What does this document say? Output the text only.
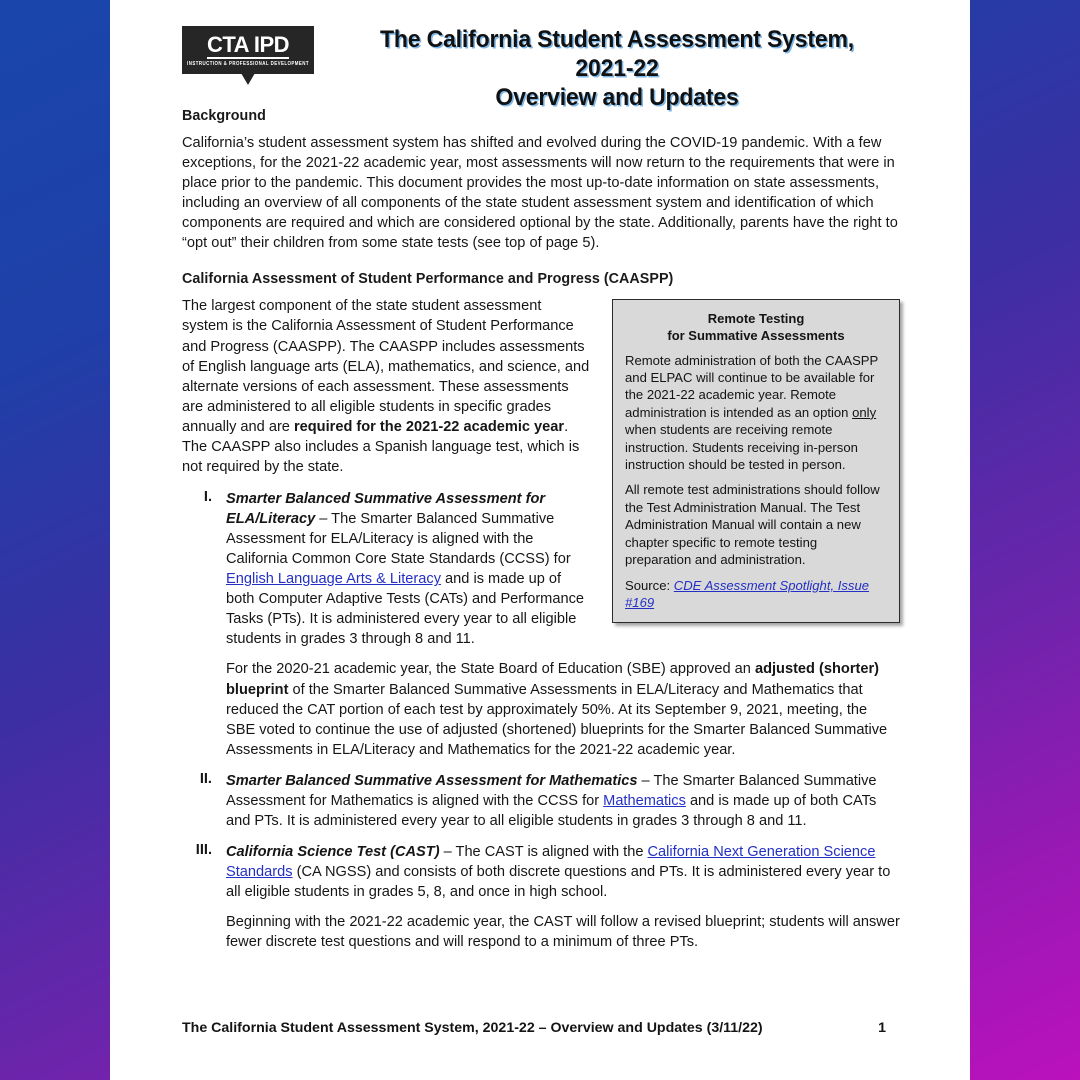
CTA IPD
INSTRUCTION & PROFESSIONAL DEVELOPMENT
The California Student Assessment System, 2021-22
Overview and Updates
Background

California’s student assessment system has shifted and evolved during the COVID-19 pandemic. With a few exceptions, for the 2021-22 academic year, most assessments will now return to the requirements that were in place prior to the pandemic. This document provides the most up-to-date information on state assessments, including an overview of all components of the state student assessment system and identification of which components are required and which are considered optional by the state. Additionally, parents have the right to “opt out” their children from some state tests (see top of page 5).

California Assessment of Student Performance and Progress (CAASPP)
Remote Testing
for Summative Assessments

Remote administration of both the CAASPP and ELPAC will continue to be available for the 2021-22 academic year. Remote administration is intended as an option only when students are receiving remote instruction. Students receiving in-person instruction should be tested in person.

All remote test administrations should follow the Test Administration Manual. The Test Administration Manual will contain a new chapter specific to remote testing preparation and administration.

Source: CDE Assessment Spotlight, Issue #169

The largest component of the state student assessment system is the California Assessment of Student Performance and Progress (CAASPP). The CAASPP includes assessments of English language arts (ELA), mathematics, and science, and alternate versions of each assessment. These assessments are administered to all eligible students in specific grades annually and are required for the 2021-22 academic year. The CAASPP also includes a Spanish language test, which is not required by the state.

I. Smarter Balanced Summative Assessment for ELA/Literacy – The Smarter Balanced Summative Assessment for ELA/Literacy is aligned with the California Common Core State Standards (CCSS) for English Language Arts & Literacy and is made up of both Computer Adaptive Tests (CATs) and Performance Tasks (PTs). It is administered every year to all eligible students in grades 3 through 8 and 11.

For the 2020-21 academic year, the State Board of Education (SBE) approved an adjusted (shorter) blueprint of the Smarter Balanced Summative Assessments in ELA/Literacy and Mathematics that reduced the CAT portion of each test by approximately 50%. At its September 9, 2021, meeting, the SBE voted to continue the use of adjusted (shortened) blueprints for the Smarter Balanced Summative Assessments in ELA/Literacy and Mathematics for the 2021-22 academic year.

II. Smarter Balanced Summative Assessment for Mathematics – The Smarter Balanced Summative Assessment for Mathematics is aligned with the CCSS for Mathematics and is made up of both CATs and PTs. It is administered every year to all eligible students in grades 3 through 8 and 11.

III. California Science Test (CAST) – The CAST is aligned with the California Next Generation Science Standards (CA NGSS) and consists of both discrete questions and PTs. It is administered every year to all eligible students in grades 5, 8, and once in high school.

Beginning with the 2021-22 academic year, the CAST will follow a revised blueprint; students will answer fewer discrete test questions and will respond to a minimum of three PTs.

The California Student Assessment System, 2021-22 – Overview and Updates (3/11/22)	1
